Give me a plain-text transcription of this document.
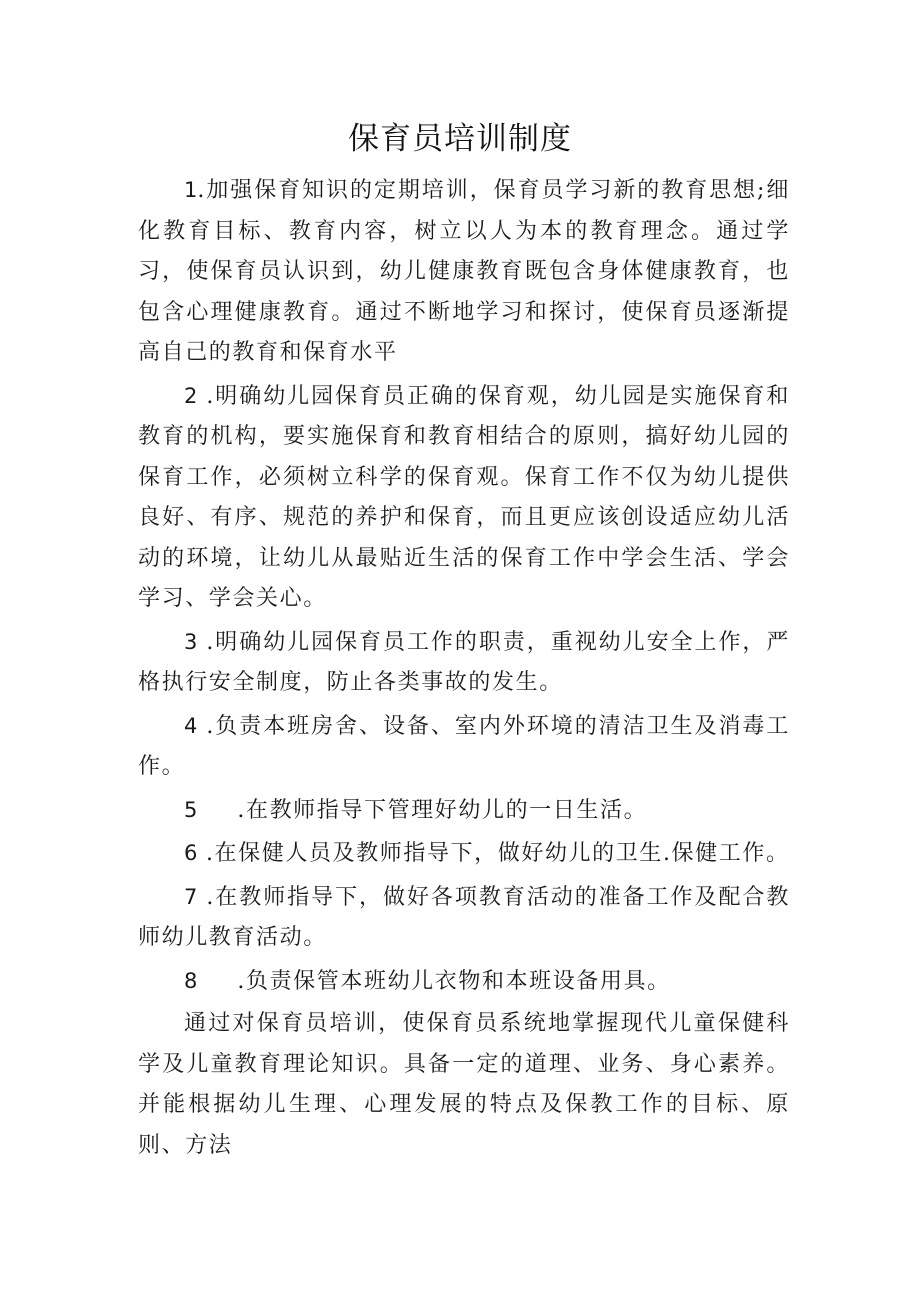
保育员培训制度

1.加强保育知识的定期培训，保育员学习新的教育思想;细化教育目标、教育内容，树立以人为本的教育理念。通过学习，使保育员认识到，幼儿健康教育既包含身体健康教育，也包含心理健康教育。通过不断地学习和探讨，使保育员逐渐提高自己的教育和保育水平

2 .明确幼儿园保育员正确的保育观，幼儿园是实施保育和教育的机构，要实施保育和教育相结合的原则，搞好幼儿园的保育工作，必须树立科学的保育观。保育工作不仅为幼儿提供良好、有序、规范的养护和保育，而且更应该创设适应幼儿活动的环境，让幼儿从最贴近生活的保育工作中学会生活、学会学习、学会关心。

3 .明确幼儿园保育员工作的职责，重视幼儿安全上作，严格执行安全制度，防止各类事故的发生。

4 .负责本班房舍、设备、室内外环境的清洁卫生及消毒工作。

5 .在教师指导下管理好幼儿的一日生活。

6 .在保健人员及教师指导下，做好幼儿的卫生.保健工作。

7 .在教师指导下，做好各项教育活动的准备工作及配合教师幼儿教育活动。

8 .负责保管本班幼儿衣物和本班设备用具。

通过对保育员培训，使保育员系统地掌握现代儿童保健科学及儿童教育理论知识。具备一定的道理、业务、身心素养。并能根据幼儿生理、心理发展的特点及保教工作的目标、原则、方法
